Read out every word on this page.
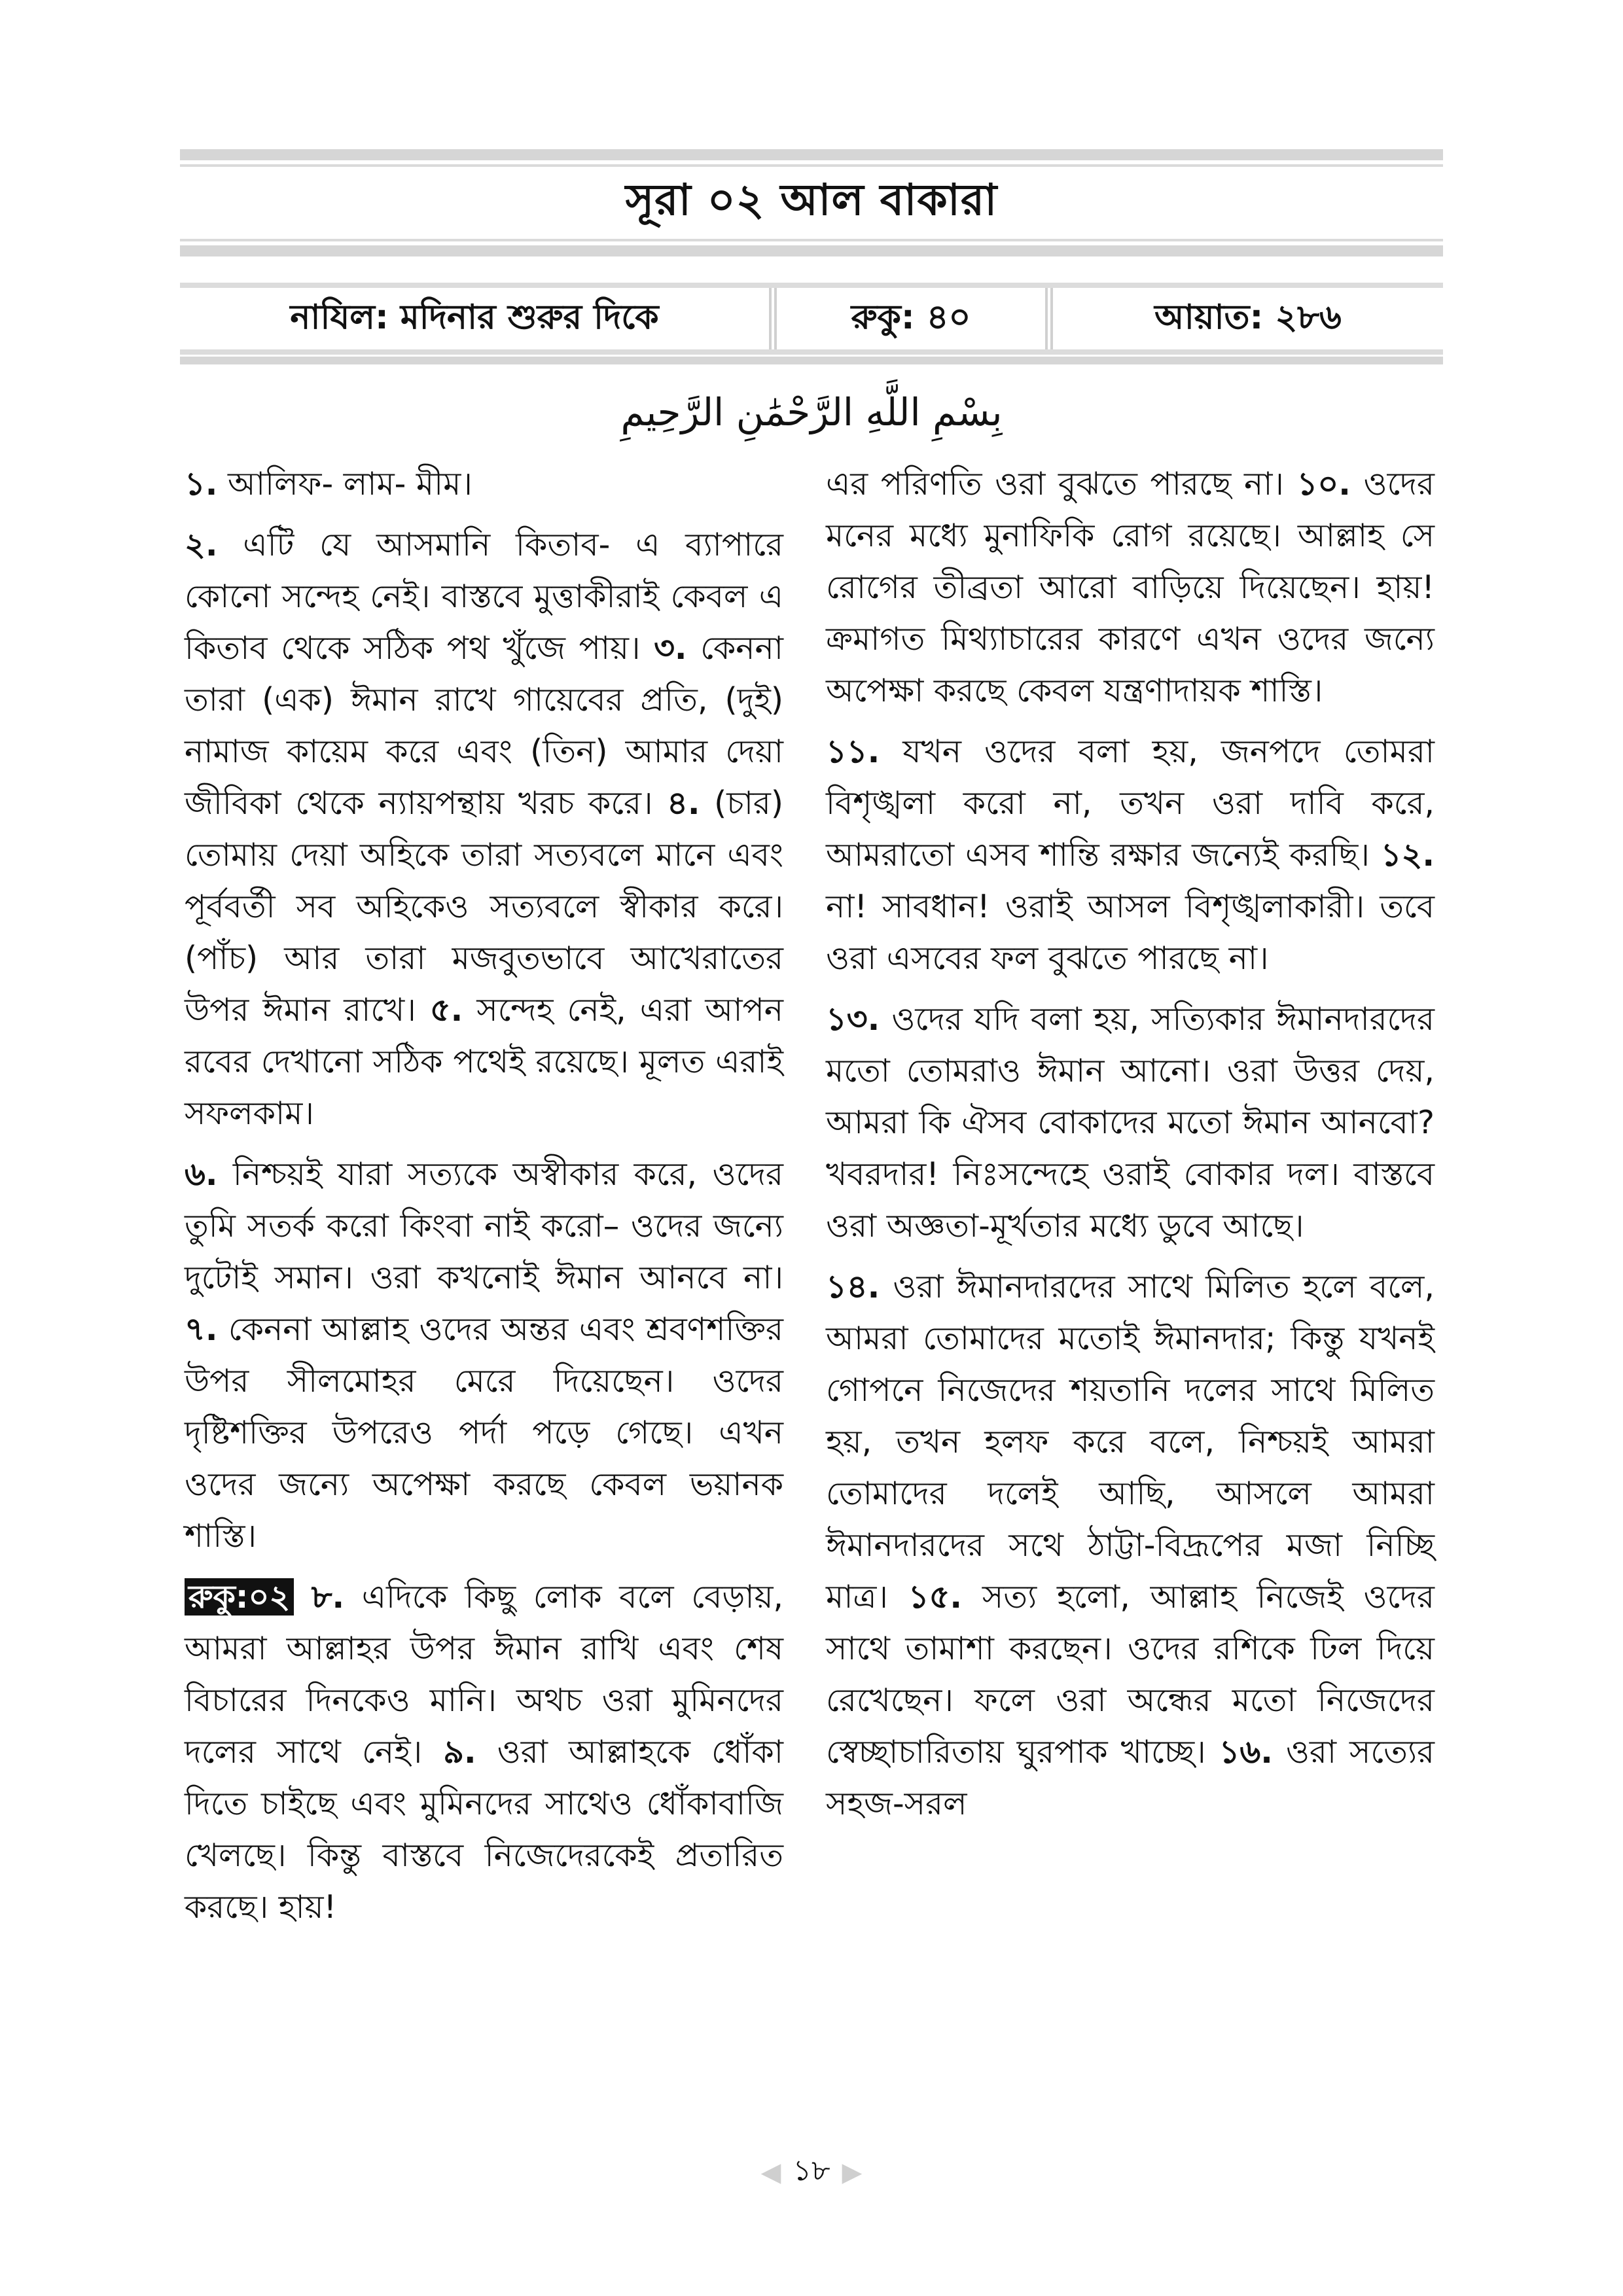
সূরা ০২ আল বাকারা
নাযিল: মদিনার শুরুর দিকে	রুকু: ৪০	আয়াত: ২৮৬
بِسْمِ اللَّهِ الرَّحْمَٰنِ الرَّحِيمِ

১. আলিফ- লাম- মীম।

২. এটি যে আসমানি কিতাব- এ ব্যাপারে কোনো সন্দেহ নেই। বাস্তবে মুত্তাকীরাই কেবল এ কিতাব থেকে সঠিক পথ খুঁজে পায়। ৩. কেননা তারা (এক) ঈমান রাখে গায়েবের প্রতি, (দুই) নামাজ কায়েম করে এবং (তিন) আমার দেয়া জীবিকা থেকে ন্যায়পন্থায় খরচ করে। ৪. (চার) তোমায় দেয়া অহিকে তারা সত্যবলে মানে এবং পূর্ববর্তী সব অহিকেও সত্যবলে স্বীকার করে। (পাঁচ) আর তারা মজবুতভাবে আখেরাতের উপর ঈমান রাখে। ৫. সন্দেহ নেই, এরা আপন রবের দেখানো সঠিক পথেই রয়েছে। মূলত এরাই সফলকাম।

৬. নিশ্চয়ই যারা সত্যকে অস্বীকার করে, ওদের তুমি সতর্ক করো কিংবা নাই করো– ওদের জন্যে দুটোই সমান। ওরা কখনোই ঈমান আনবে না। ৭. কেননা আল্লাহ ওদের অন্তর এবং শ্রবণশক্তির উপর সীলমোহর মেরে দিয়েছেন। ওদের দৃষ্টিশক্তির উপরেও পর্দা পড়ে গেছে। এখন ওদের জন্যে অপেক্ষা করছে কেবল ভয়ানক শাস্তি।

রুকু:০২ ৮. এদিকে কিছু লোক বলে বেড়ায়, আমরা আল্লাহর উপর ঈমান রাখি এবং শেষ বিচারের দিনকেও মানি। অথচ ওরা মুমিনদের দলের সাথে নেই। ৯. ওরা আল্লাহকে ধোঁকা দিতে চাইছে এবং মুমিনদের সাথেও ধোঁকাবাজি খেলছে। কিন্তু বাস্তবে নিজেদেরকেই প্রতারিত করছে। হায়!

এর পরিণতি ওরা বুঝতে পারছে না। ১০. ওদের মনের মধ্যে মুনাফিকি রোগ রয়েছে। আল্লাহ সে রোগের তীব্রতা আরো বাড়িয়ে দিয়েছেন। হায়! ক্রমাগত মিথ্যাচারের কারণে এখন ওদের জন্যে অপেক্ষা করছে কেবল যন্ত্রণাদায়ক শাস্তি।

১১. যখন ওদের বলা হয়, জনপদে তোমরা বিশৃঙ্খলা করো না, তখন ওরা দাবি করে, আমরাতো এসব শান্তি রক্ষার জন্যেই করছি। ১২. না! সাবধান! ওরাই আসল বিশৃঙ্খলাকারী। তবে ওরা এসবের ফল বুঝতে পারছে না।

১৩. ওদের যদি বলা হয়, সত্যিকার ঈমানদারদের মতো তোমরাও ঈমান আনো। ওরা উত্তর দেয়, আমরা কি ঐসব বোকাদের মতো ঈমান আনবো? খবরদার! নিঃসন্দেহে ওরাই বোকার দল। বাস্তবে ওরা অজ্ঞতা-মূর্খতার মধ্যে ডুবে আছে।

১৪. ওরা ঈমানদারদের সাথে মিলিত হলে বলে, আমরা তোমাদের মতোই ঈমানদার; কিন্তু যখনই গোপনে নিজেদের শয়তানি দলের সাথে মিলিত হয়, তখন হলফ করে বলে, নিশ্চয়ই আমরা তোমাদের দলেই আছি, আসলে আমরা ঈমানদারদের সথে ঠাট্টা-বিদ্রূপের মজা নিচ্ছি মাত্র। ১৫. সত্য হলো, আল্লাহ নিজেই ওদের সাথে তামাশা করছেন। ওদের রশিকে ঢিল দিয়ে রেখেছেন। ফলে ওরা অন্ধের মতো নিজেদের স্বেচ্ছাচারিতায় ঘুরপাক খাচ্ছে। ১৬. ওরা সত্যের সহজ-সরল

◀ ১৮ ▶
